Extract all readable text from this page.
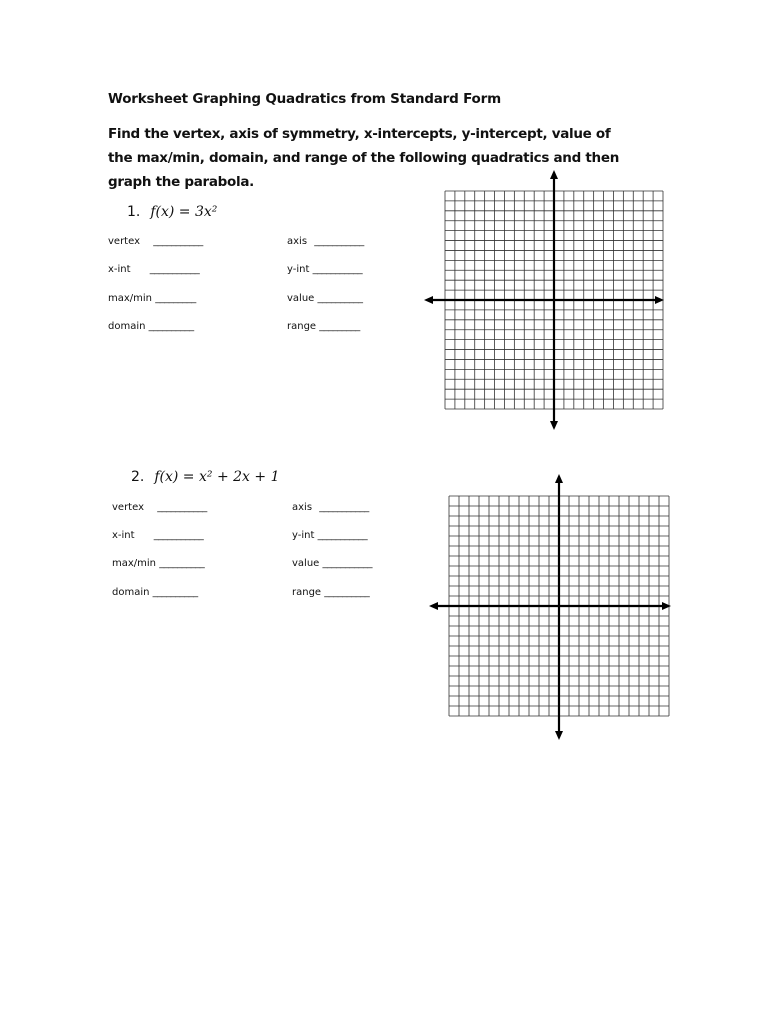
Worksheet Graphing Quadratics from Standard Form
Find the vertex, axis of symmetry, x-intercepts, y-intercept, value of the max/min, domain, and range of the following quadratics and then graph the parabola.
1. f(x) = 3x²
vertex ___________	axis ___________
x-int ___________	y-int ___________
max/min _________	value __________
domain __________	range _________
2. f(x) = x² + 2x + 1
vertex ___________	axis ___________
x-int ___________	y-int ___________
max/min __________	value ___________
domain __________	range __________
